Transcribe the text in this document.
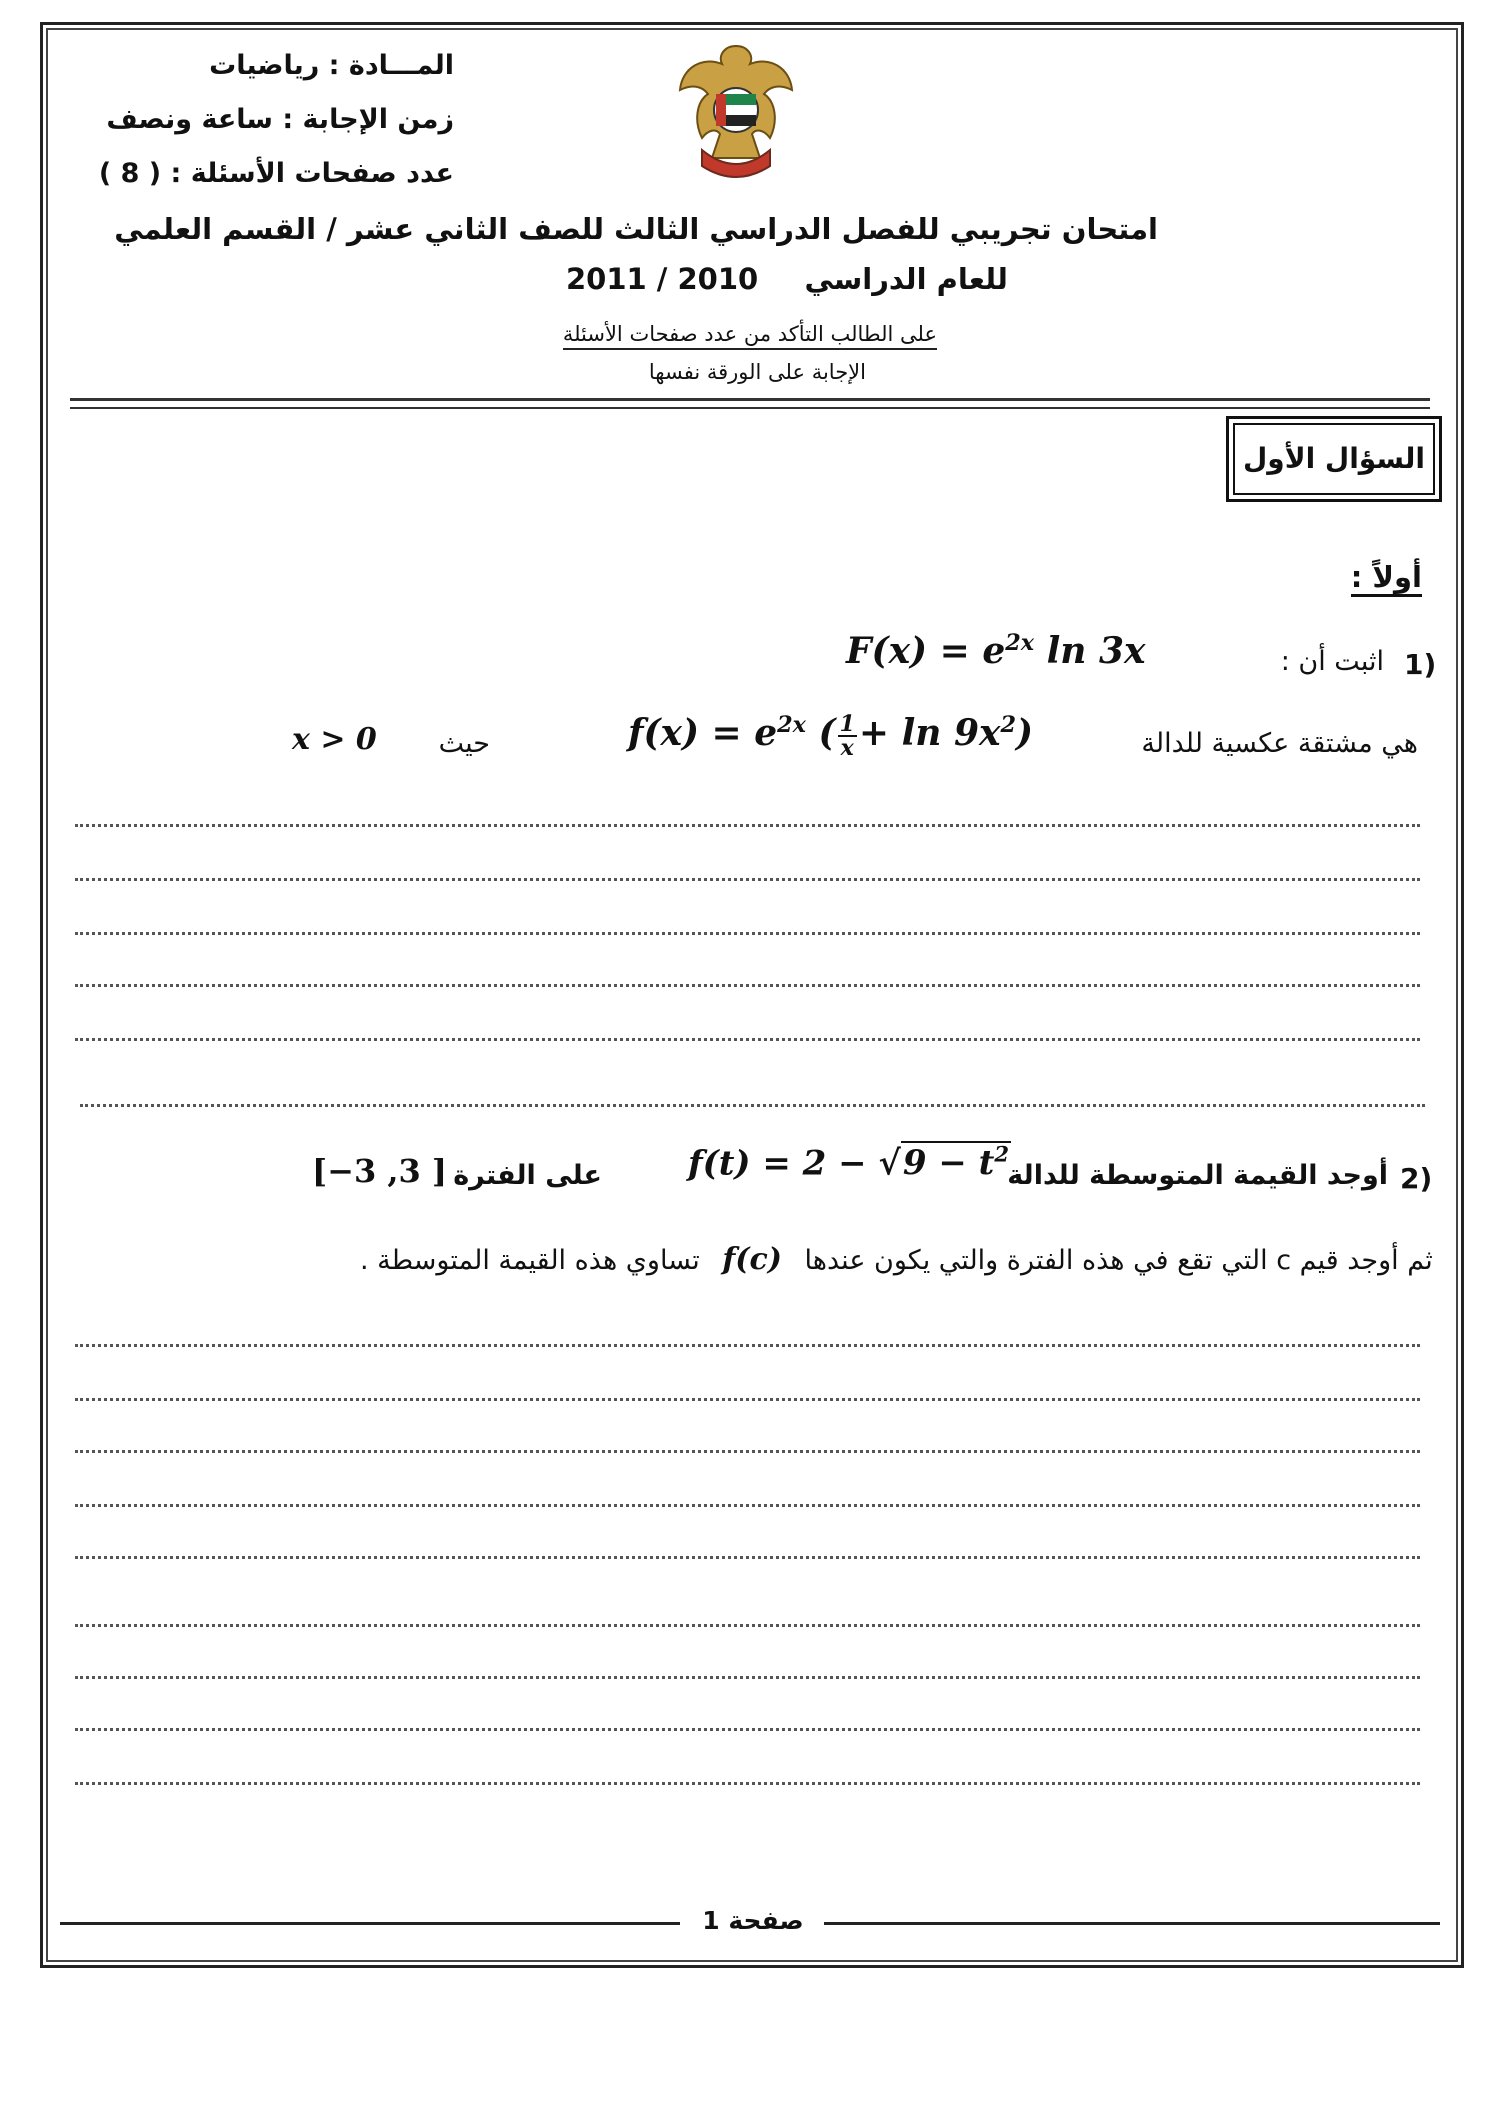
المـــادة : رياضيات
زمن الإجابة : ساعة ونصف
عدد صفحات الأسئلة : ( 8 )
امتحان تجريبي للفصل الدراسي الثالث للصف الثاني عشر / القسم العلمي
2011 / 2010 للعام الدراسي
على الطالب التأكد من عدد صفحات الأسئلة
الإجابة على الورقة نفسها
السؤال الأول
أولاً :
1)
اثبت أن :
$F(x) = e^{2x}$ ln 3x
هي مشتقة عكسية للدالة
$f(x) = e^{2x}$ ( $\frac{1}{x} + \ln 9x^2$)
حيث
x > 0
2)
أوجد القيمة المتوسطة للدالة
$f(t) = 2 - √9 - t^2$
على الفترة
[−3 ,3 ]
تساوي هذه القيمة المتوسطة . f(c) ثم أوجد قيم c التي تقع في هذه الفترة والتي يكون عندها
صفحة 1
